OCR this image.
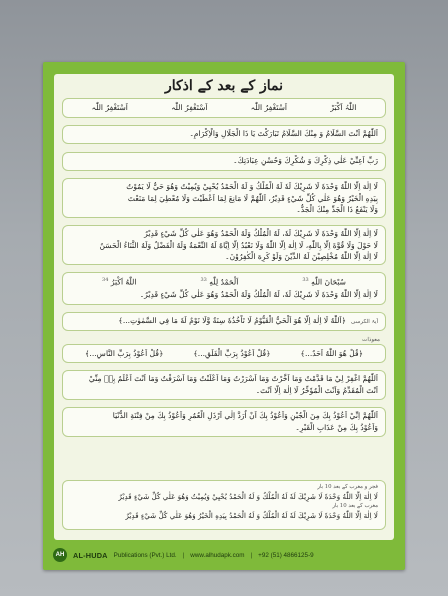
نماز کے بعد کے اذکار
اللّٰہُ اَکْبَرْ
اَسْتَغْفِرُ اللّٰہ
اَسْتَغْفِرُ اللّٰہ
اَسْتَغْفِرُ اللّٰہ

اَللّٰھُمَّ اَنْتَ السَّلَامُ وَ مِنْكَ السَّلَامُ تَبَارَكْتَ يَا ذَا الْجَلَالِ وَالْاِكْرَامِ۔

رَبِّ اَعِنِّيْ عَلٰي ذِكْرِكَ وَ شُكْرِكَ وَحُسْنِ عِبَادَتِكَ۔

لَا اِلٰهَ اِلَّا اللّٰهُ وَحْدَهٗ لَا شَرِيْكَ لَهٗ لَهُ الْمُلْكُ وَ لَهُ الْحَمْدُ يُحْيِيْ وَيُمِيْتُ وَهُوَ حَيٌّ لَا يَمُوْتُ

بِيَدِهِ الْخَيْرُ وَهُوَ عَلٰي كُلِّ شَيْءٍ قَدِيْرٌ، اَللّٰهُمَّ لَا مَانِعَ لِمَا اَعْطَيْتَ وَلَا مُعْطِيَ لِمَا مَنَعْتَ

وَلَا يَنْفَعُ ذَا الْجَدِّ مِنْكَ الْجَدُّ۔

لَا اِلٰهَ اِلَّا اللّٰهُ وَحْدَهٗ لَا شَرِيْكَ لَهٗ، لَهُ الْمُلْكُ وَلَهُ الْحَمْدُ وَهُوَ عَلٰي كُلِّ شَيْءٍ قَدِيْرٌ

لَا حَوْلَ وَلَا قُوَّةَ اِلَّا بِاللّٰهِ، لَا اِلٰهَ اِلَّا اللّٰهُ وَلَا نَعْبُدُ اِلَّا اِيَّاهُ لَهُ النِّعْمَةُ وَلَهُ الْفَضْلُ وَلَهُ الثَّنَاءُ الْحَسَنُ

لَا اِلٰهَ اِلَّا اللّٰهُ مُخْلِصِيْنَ لَهُ الدِّيْنَ وَلَوْ كَرِهَ الْكٰفِرُوْنَ۔

سُبْحَانَ اللّٰهِ $^{33}$
اَلْحَمْدُ لِلّٰهِ $^{33}$
اللّٰهُ اَكْبَرُ $^{34}$

لَا اِلٰهَ اِلَّا اللّٰهُ وَحْدَهٗ لَا شَرِيْكَ لَهٗ، لَهُ الْمُلْكُ وَلَهُ الْحَمْدُ وَهُوَ عَلٰي كُلِّ شَيْءٍ قَدِيْرٌ۔

آیۃ الکرسی﴿اَللّٰهُ لَا اِلٰهَ اِلَّا هُوَ اَلْحَيُّ الْقَيُّوْمُ لَا تَاْخُذُهٗ سِنَةٌ وَّلَا نَوْمٌ لَهٗ مَا فِي السَّمٰوٰتِ...﴾

معوذات
﴿قُلْ هُوَ اللّٰهُ اَحَدٌ...﴾
﴿قُلْ اَعُوْذُ بِرَبِّ الْفَلَقِ...﴾
﴿قُلْ اَعُوْذُ بِرَبِّ النَّاسِ...﴾

اَللّٰهُمَّ اغْفِرْ لِيْ مَا قَدَّمْتُ وَمَا اَخَّرْتُ وَمَا اَسْرَرْتُ وَمَا اَعْلَنْتُ وَمَا اَسْرَفْتُ وَمَا اَنْتَ اَعْلَمُ بِهٖ مِنِّيْ

اَنْتَ الْمُقَدِّمُ وَاَنْتَ الْمُؤَخِّرُ لَا اِلٰهَ اِلَّا اَنْتَ۔

اَللّٰهُمَّ اِنِّيْ اَعُوْذُ بِكَ مِنَ الْجُبْنِ وَاَعُوْذُ بِكَ اَنْ اُرَدَّ اِلٰي اَرْذَلِ الْعُمُرِ وَاَعُوْذُ بِكَ مِنْ فِتْنَةِ الدُّنْيَا

وَاَعُوْذُ بِكَ مِنْ عَذَابِ الْقَبْرِ۔

فجر و مغرب کے بعد 10 بار

لَا اِلٰهَ اِلَّا اللّٰهُ وَحْدَهٗ لَا شَرِيْكَ لَهٗ لَهُ الْمُلْكُ وَ لَهُ الْحَمْدُ يُحْيِيْ وَيُمِيْتُ وَهُوَ عَلٰي كُلِّ شَيْءٍ قَدِيْرٌ

مغرب کے بعد 10 بار

لَا اِلٰهَ اِلَّا اللّٰهُ وَحْدَهٗ لَا شَرِيْكَ لَهٗ لَهُ الْمُلْكُ وَ لَهُ الْحَمْدُ بِيَدِهِ الْخَيْرُ وَهُوَ عَلٰي كُلِّ شَيْءٍ قَدِيْرٌ

AH	AL-HUDA Publications (Pvt.) Ltd. | www.alhudapk.com | +92 (51) 4866125-9
